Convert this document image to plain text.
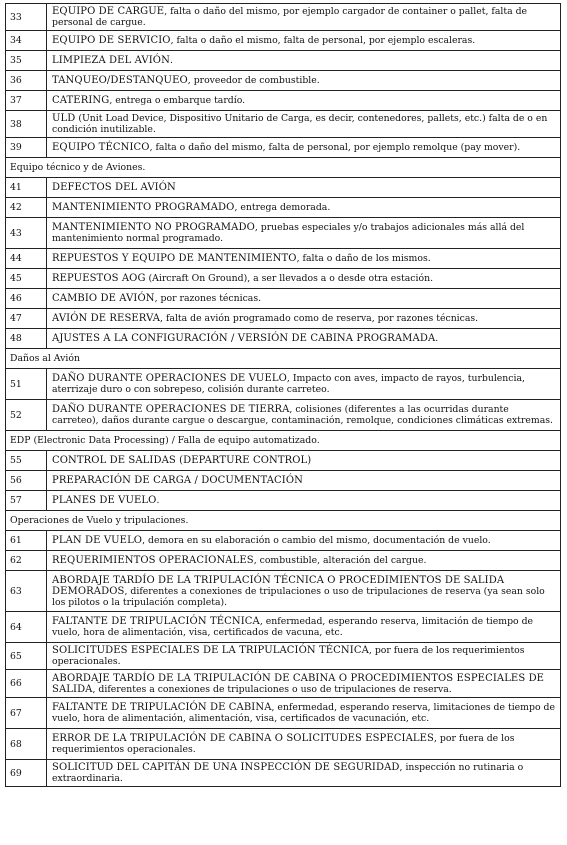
33	EQUIPO DE CARGUE, falta o daño del mismo, por ejemplo cargador de container o pallet, falta de personal de cargue.
34	EQUIPO DE SERVICIO, falta o daño el mismo, falta de personal, por ejemplo escaleras.
35	LIMPIEZA DEL AVIÓN.
36	TANQUEO/DESTANQUEO, proveedor de combustible.
37	CATERING, entrega o embarque tardío.
38	ULD (Unit Load Device, Dispositivo Unitario de Carga, es decir, contenedores, pallets, etc.) falta de o en condición inutilizable.
39	EQUIPO TÉCNICO, falta o daño del mismo, falta de personal, por ejemplo remolque (pay mover).
Equipo técnico y de Aviones.	
41	DEFECTOS DEL AVIÓN
42	MANTENIMIENTO PROGRAMADO, entrega demorada.
43	MANTENIMIENTO NO PROGRAMADO, pruebas especiales y/o trabajos adicionales más allá del mantenimiento normal programado.
44	REPUESTOS Y EQUIPO DE MANTENIMIENTO, falta o daño de los mismos.
45	REPUESTOS AOG (Aircraft On Ground), a ser llevados a o desde otra estación.
46	CAMBIO DE AVIÓN, por razones técnicas.
47	AVIÓN DE RESERVA, falta de avión programado como de reserva, por razones técnicas.
48	AJUSTES A LA CONFIGURACIÓN / VERSIÓN DE CABINA PROGRAMADA.
Daños al Avión	
51	DAÑO DURANTE OPERACIONES DE VUELO, Impacto con aves, impacto de rayos, turbulencia, aterrizaje duro o con sobrepeso, colisión durante carreteo.
52	DAÑO DURANTE OPERACIONES DE TIERRA, colisiones (diferentes a las ocurridas durante carreteo), daños durante cargue o descargue, contaminación, remolque, condiciones climáticas extremas.
EDP (Electronic Data Processing) / Falla de equipo automatizado.	
55	CONTROL DE SALIDAS (DEPARTURE CONTROL)
56	PREPARACIÓN DE CARGA / DOCUMENTACIÓN
57	PLANES DE VUELO.
Operaciones de Vuelo y tripulaciones.	
61	PLAN DE VUELO, demora en su elaboración o cambio del mismo, documentación de vuelo.
62	REQUERIMIENTOS OPERACIONALES, combustible, alteración del cargue.
63	ABORDAJE TARDÍO DE LA TRIPULACIÓN TÉCNICA O PROCEDIMIENTOS DE SALIDA DEMORADOS, diferentes a conexiones de tripulaciones o uso de tripulaciones de reserva (ya sean solo los pilotos o la tripulación completa).
64	FALTANTE DE TRIPULACIÓN TÉCNICA, enfermedad, esperando reserva, limitación de tiempo de vuelo, hora de alimentación, visa, certificados de vacuna, etc.
65	SOLICITUDES ESPECIALES DE LA TRIPULACIÓN TÉCNICA, por fuera de los requerimientos operacionales.
66	ABORDAJE TARDÍO DE LA TRIPULACIÓN DE CABINA O PROCEDIMIENTOS ESPECIALES DE SALIDA, diferentes a conexiones de tripulaciones o uso de tripulaciones de reserva.
67	FALTANTE DE TRIPULACIÓN DE CABINA, enfermedad, esperando reserva, limitaciones de tiempo de vuelo, hora de alimentación, alimentación, visa, certificados de vacunación, etc.
68	ERROR DE LA TRIPULACIÓN DE CABINA O SOLICITUDES ESPECIALES, por fuera de los requerimientos operacionales.
69	SOLICITUD DEL CAPITÁN DE UNA INSPECCIÓN DE SEGURIDAD, inspección no rutinaria o extraordinaria.
